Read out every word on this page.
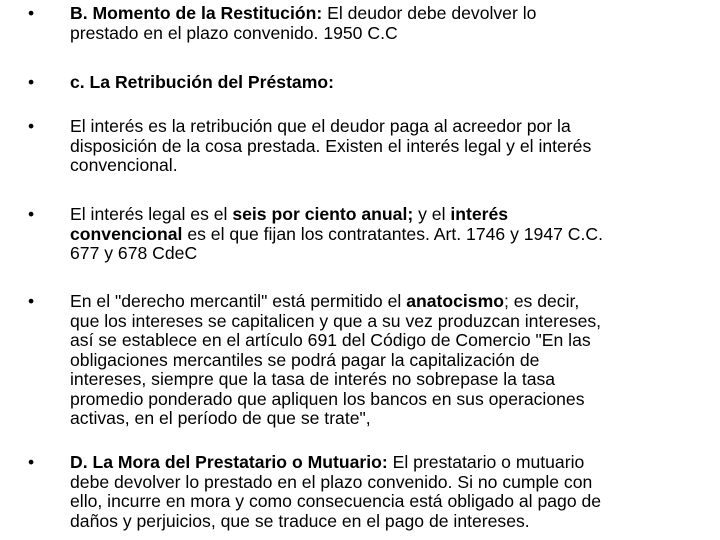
•	B. Momento de la Restitución: El deudor debe devolver lo
prestado en el plazo convenido. 1950 C.C
•	c. La Retribución del Préstamo:
•	El interés es la retribución que el deudor paga al acreedor por la
disposición de la cosa prestada. Existen el interés legal y el interés
convencional.
•	El interés legal es el seis por ciento anual; y el interés
convencional es el que fijan los contratantes. Art. 1746 y 1947 C.C.
677 y 678 CdeC
•	En el "derecho mercantil" está permitido el anatocismo; es decir,
que los intereses se capitalicen y que a su vez produzcan intereses,
así se establece en el artículo 691 del Código de Comercio "En las
obligaciones mercantiles se podrá pagar la capitalización de
intereses, siempre que la tasa de interés no sobrepase la tasa
promedio ponderado que apliquen los bancos en sus operaciones
activas, en el período de que se trate",
•	D. La Mora del Prestatario o Mutuario: El prestatario o mutuario
debe devolver lo prestado en el plazo convenido. Si no cumple con
ello, incurre en mora y como consecuencia está obligado al pago de
daños y perjuicios, que se traduce en el pago de intereses.
